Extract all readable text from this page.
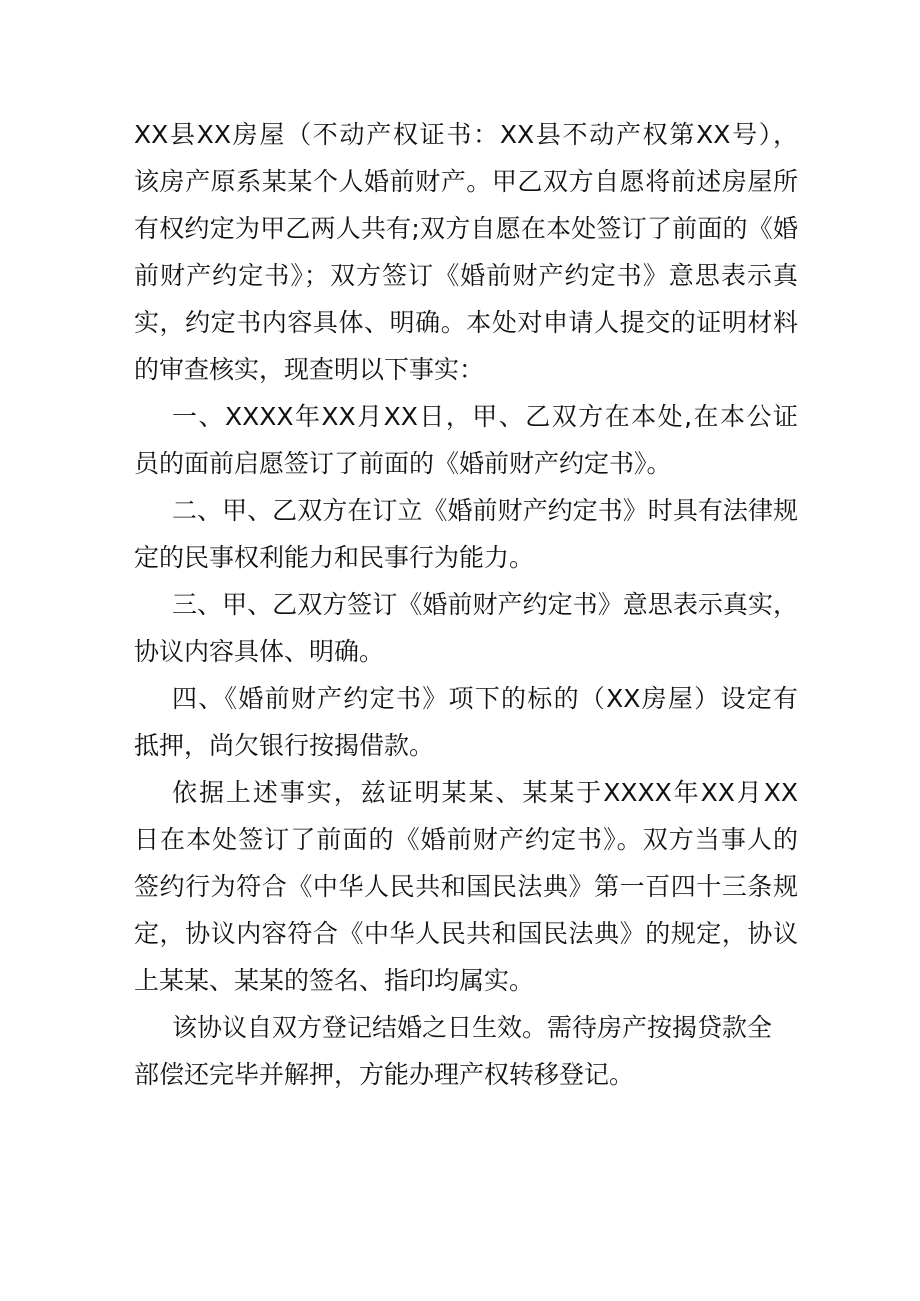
XX县XX房屋（不动产权证书：XX县不动产权第XX号），
该房产原系某某个人婚前财产。甲乙双方自愿将前述房屋所
有权约定为甲乙两人共有;双方自愿在本处签订了前面的《婚
前财产约定书》；双方签订《婚前财产约定书》意思表示真
实，约定书内容具体、明确。本处对申请人提交的证明材料
的审查核实，现查明以下事实：
一、XXXX年XX月XX日，甲、乙双方在本处,在本公证
员的面前启愿签订了前面的《婚前财产约定书》。
二、甲、乙双方在订立《婚前财产约定书》时具有法律规
定的民事权利能力和民事行为能力。
三、甲、乙双方签订《婚前财产约定书》意思表示真实，
协议内容具体、明确。
四、《婚前财产约定书》项下的标的（XX房屋）设定有
抵押，尚欠银行按揭借款。
依据上述事实，兹证明某某、某某于XXXX年XX月XX
日在本处签订了前面的《婚前财产约定书》。双方当事人的
签约行为符合《中华人民共和国民法典》第一百四十三条规
定，协议内容符合《中华人民共和国民法典》的规定，协议
上某某、某某的签名、指印均属实。
该协议自双方登记结婚之日生效。需待房产按揭贷款全
部偿还完毕并解押，方能办理产权转移登记。
